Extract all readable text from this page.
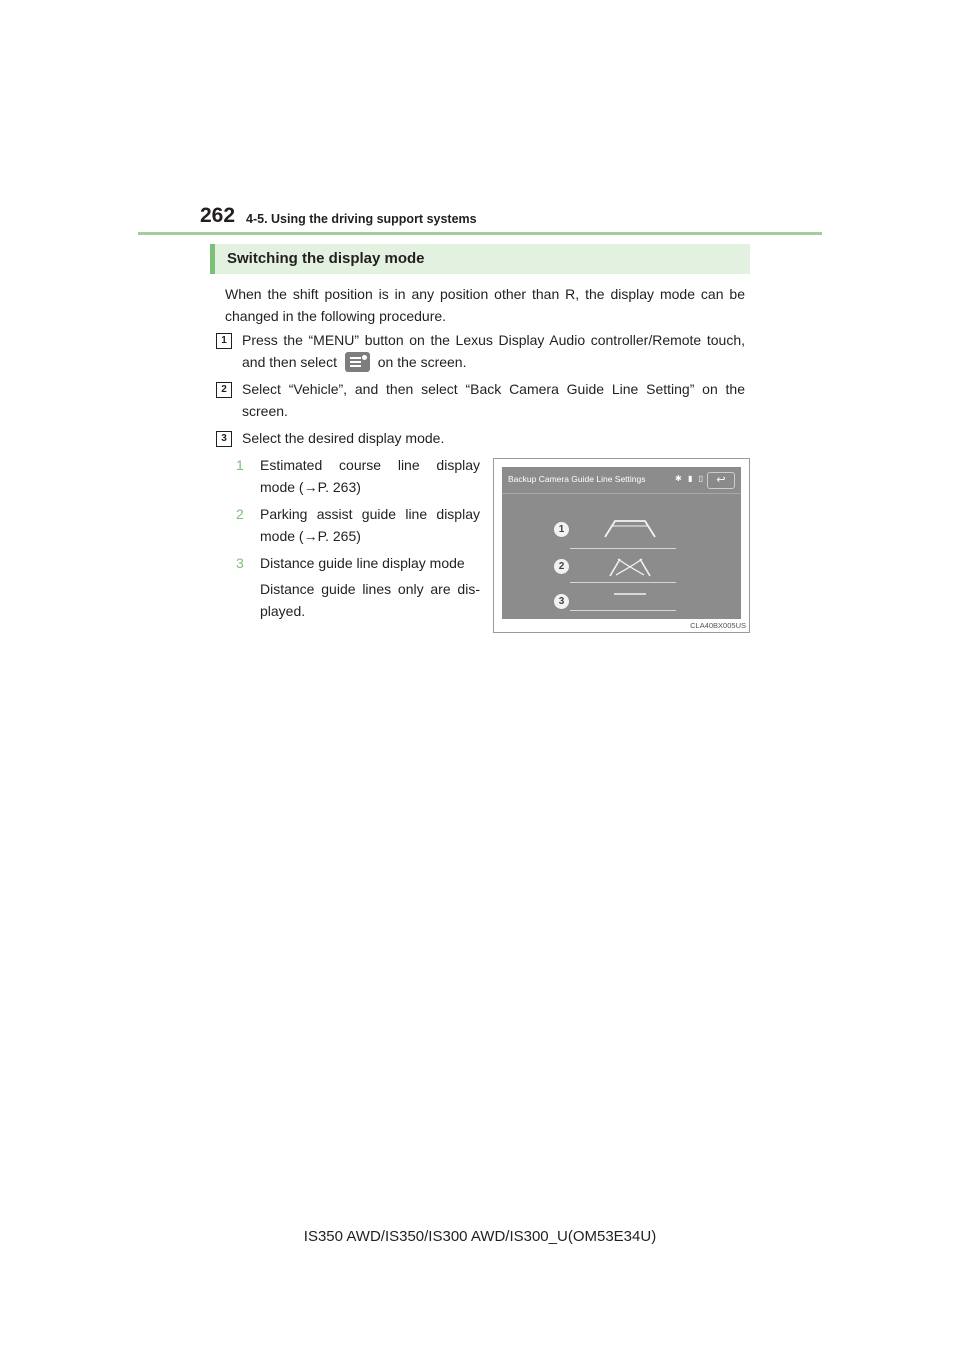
262 4-5. Using the driving support systems
Switching the display mode
When the shift position is in any position other than R, the display mode can be changed in the following procedure.
1	Press the “MENU” button on the Lexus Display Audio controller/Remote touch, and then select	on the screen.
2	Select “Vehicle”, and then select “Back Camera Guide Line Setting” on the screen.
3	Select the desired display mode.
1 Estimated course line display mode (→P. 263)
2 Parking assist guide line display mode (→P. 265)
3 Distance guide line display mode
Distance guide lines only are dis-played.
Backup Camera Guide Line Settings	✱ ▮ ▯	↩
1
2
3
CLA40BX005US
IS350 AWD/IS350/IS300 AWD/IS300_U(OM53E34U)
